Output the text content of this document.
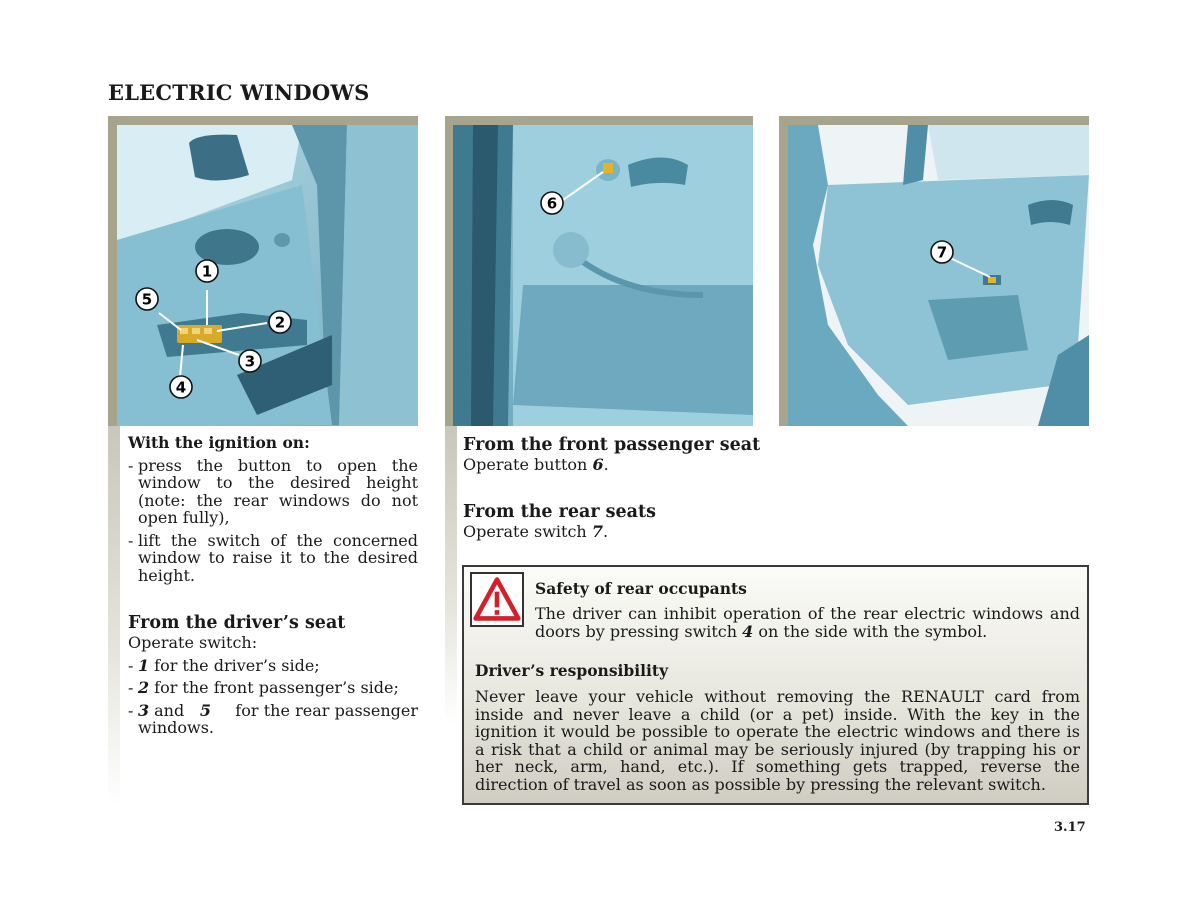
ELECTRIC WINDOWS
1
2
3
4
5
6
7
With the ignition on:
- press the button to open the window to the desired height (note: the rear windows do not open fully),
- lift the switch of the concerned window to raise it to the desired height.
From the driver’s seat
Operate switch:
- 1 for the driver’s side;
- 2 for the front passenger’s side;
- 3 and 5 for the rear passenger windows.
From the front passenger seat
Operate button 6.
From the rear seats
Operate switch 7.
Safety of rear occupants
The driver can inhibit operation of the rear electric windows and doors by pressing switch 4 on the side with the symbol.
Driver’s responsibility
Never leave your vehicle without removing the RENAULT card from inside and never leave a child (or a pet) inside. With the key in the ignition it would be possible to operate the electric windows and there is a risk that a child or animal may be seriously injured (by trapping his or her neck, arm, hand, etc.). If something gets trapped, reverse the direction of travel as soon as possible by pressing the relevant switch.
3.17
